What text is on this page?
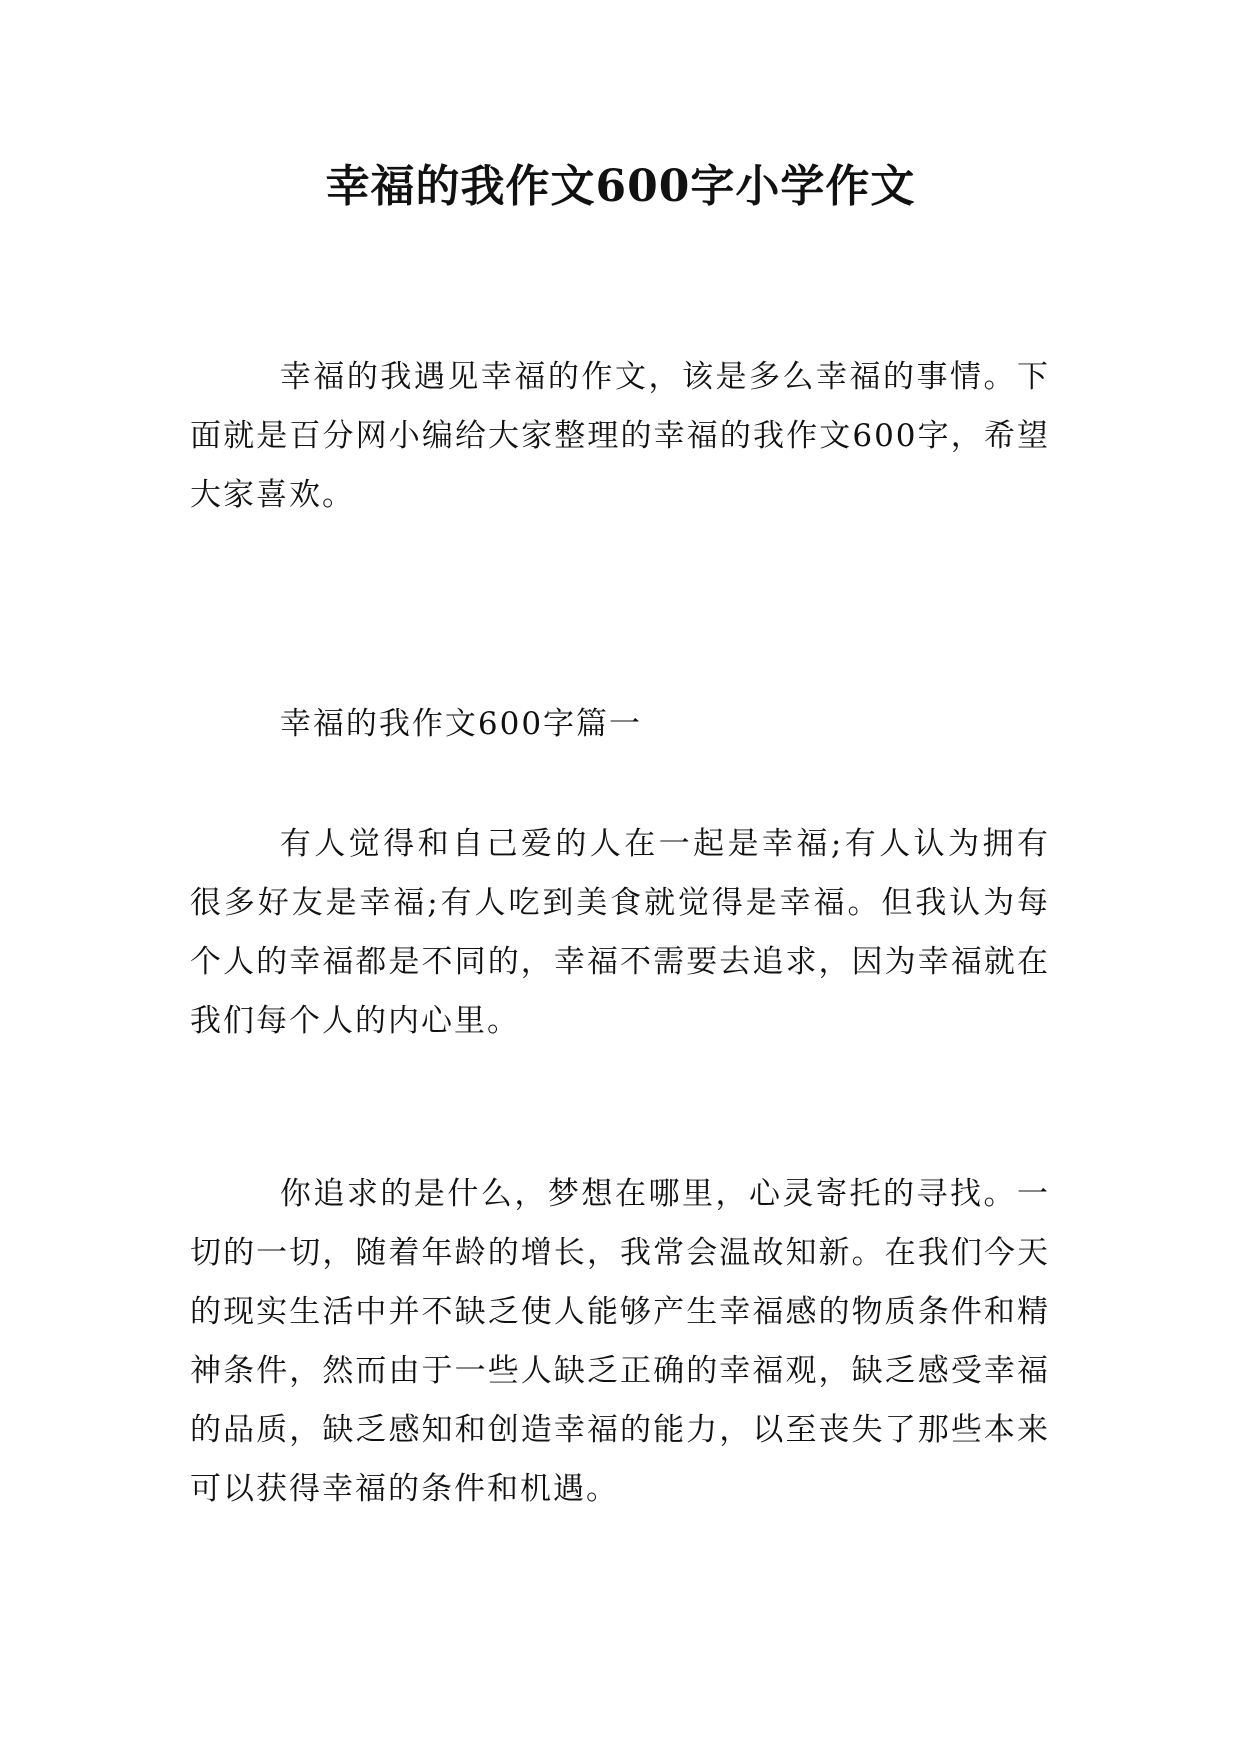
幸福的我作文600字小学作文

幸福的我遇见幸福的作文，该是多么幸福的事情。下面就是百分网小编给大家整理的幸福的我作文600字，希望大家喜欢。

幸福的我作文600字篇一

有人觉得和自己爱的人在一起是幸福;有人认为拥有很多好友是幸福;有人吃到美食就觉得是幸福。但我认为每个人的幸福都是不同的，幸福不需要去追求，因为幸福就在我们每个人的内心里。

你追求的是什么，梦想在哪里，心灵寄托的寻找。一切的一切，随着年龄的增长，我常会温故知新。在我们今天的现实生活中并不缺乏使人能够产生幸福感的物质条件和精神条件，然而由于一些人缺乏正确的幸福观，缺乏感受幸福的品质，缺乏感知和创造幸福的能力，以至丧失了那些本来可以获得幸福的条件和机遇。
